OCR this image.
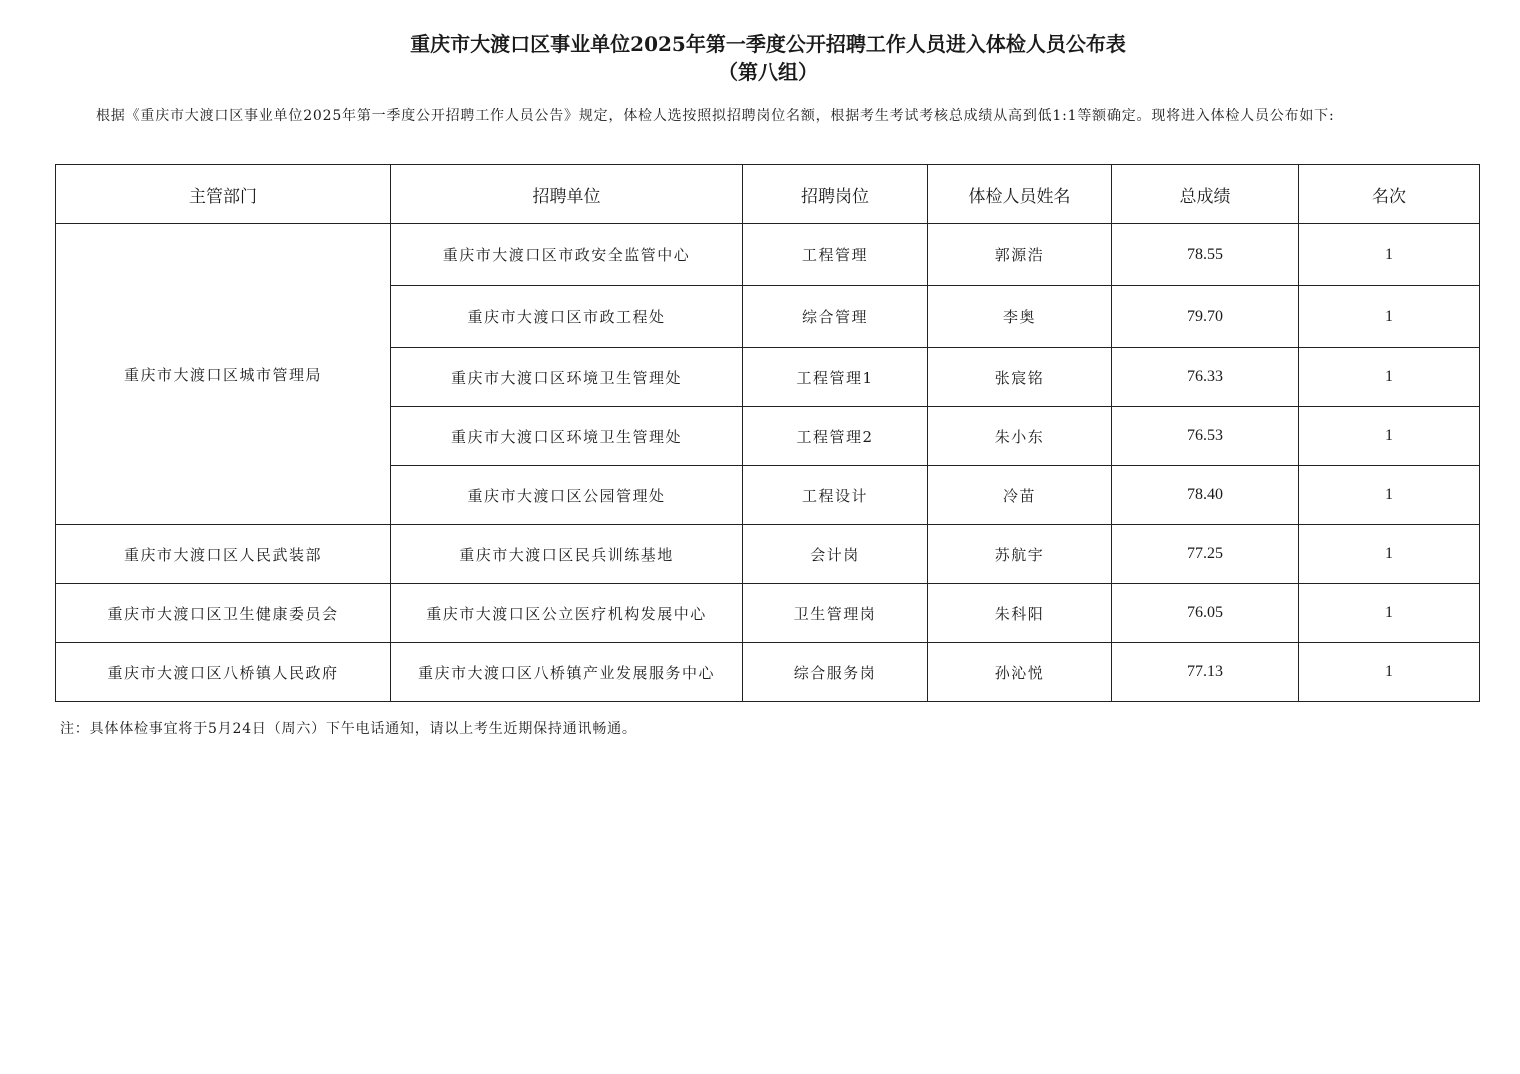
重庆市大渡口区事业单位2025年第一季度公开招聘工作人员进入体检人员公布表
（第八组）
根据《重庆市大渡口区事业单位2025年第一季度公开招聘工作人员公告》规定，体检人选按照拟招聘岗位名额，根据考生考试考核总成绩从高到低1:1等额确定。现将进入体检人员公布如下:
主管部门	招聘单位	招聘岗位	体检人员姓名	总成绩	名次
重庆市大渡口区城市管理局	重庆市大渡口区市政安全监管中心	工程管理	郭源浩	78.55	1
	重庆市大渡口区市政工程处	综合管理	李奥	79.70	1
	重庆市大渡口区环境卫生管理处	工程管理1	张宸铭	76.33	1
	重庆市大渡口区环境卫生管理处	工程管理2	朱小东	76.53	1
	重庆市大渡口区公园管理处	工程设计	冷苗	78.40	1
重庆市大渡口区人民武装部	重庆市大渡口区民兵训练基地	会计岗	苏航宇	77.25	1
重庆市大渡口区卫生健康委员会	重庆市大渡口区公立医疗机构发展中心	卫生管理岗	朱科阳	76.05	1
重庆市大渡口区八桥镇人民政府	重庆市大渡口区八桥镇产业发展服务中心	综合服务岗	孙沁悦	77.13	1
注：具体体检事宜将于5月24日（周六）下午电话通知，请以上考生近期保持通讯畅通。
